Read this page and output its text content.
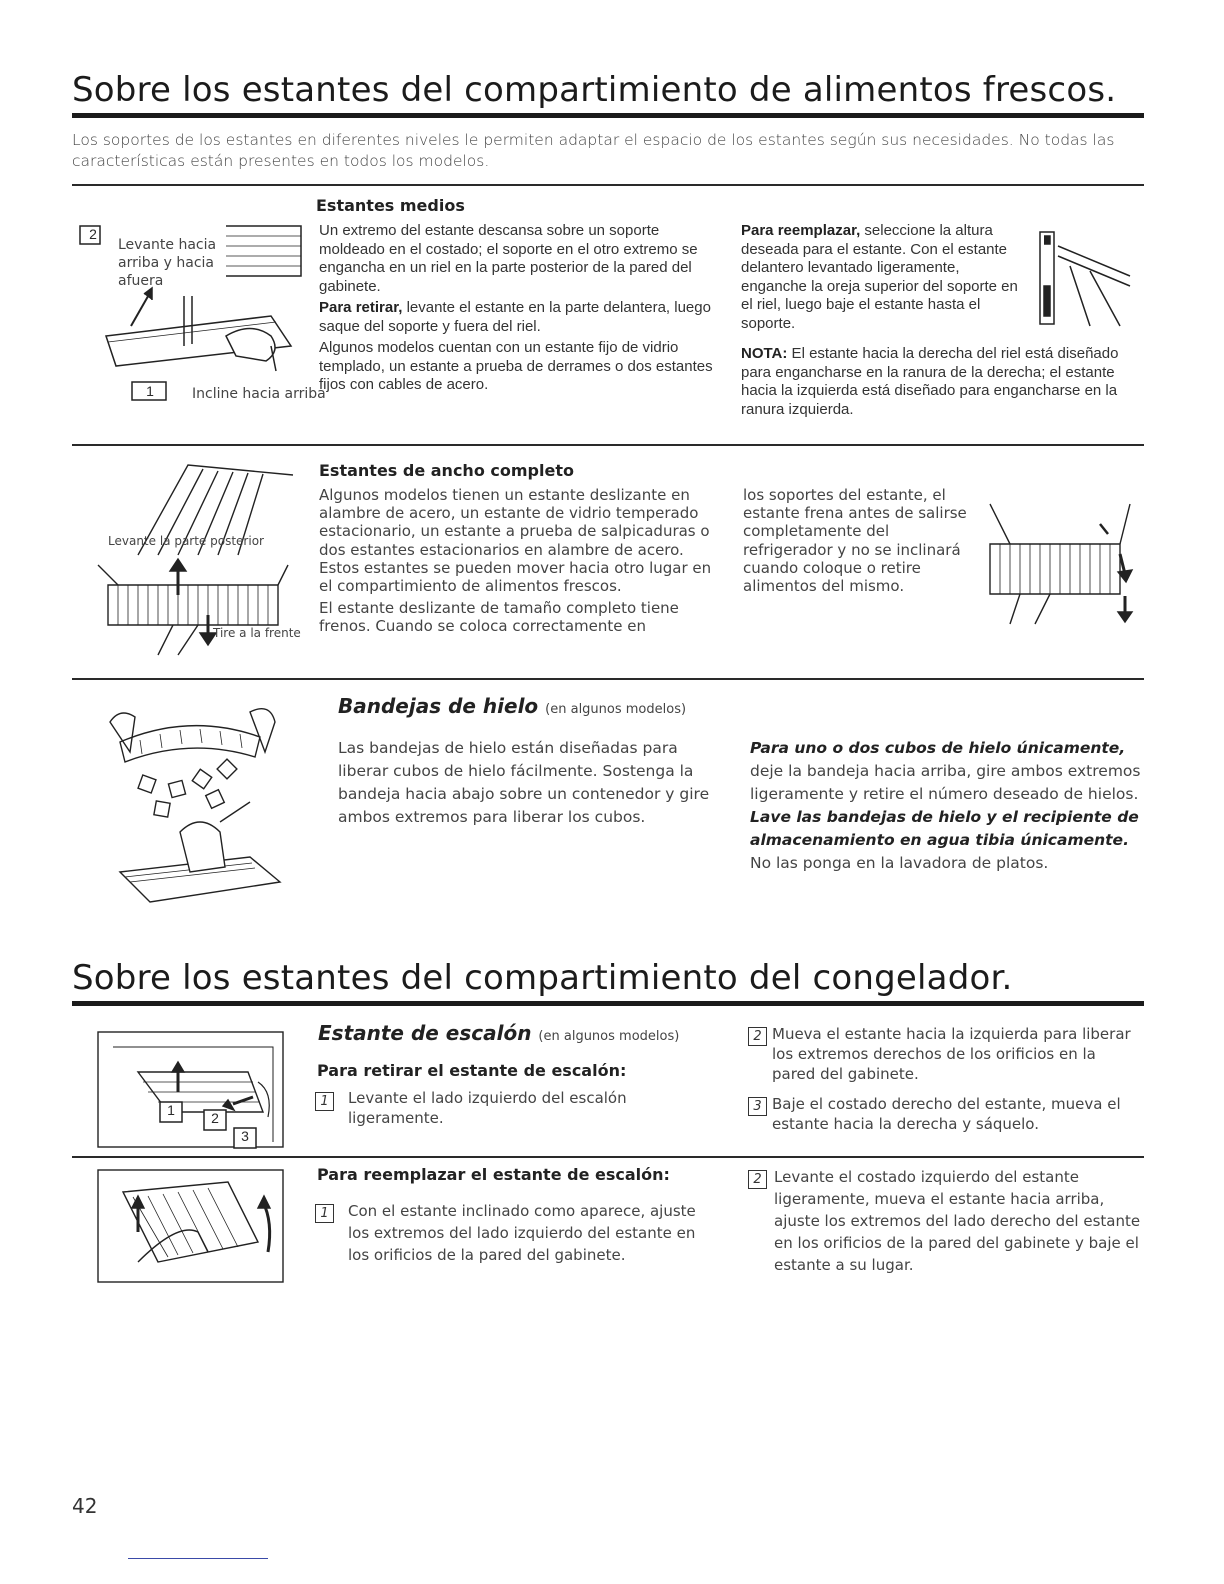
Sobre los estantes del compartimiento de alimentos frescos.

Los soportes de los estantes en diferentes niveles le permiten adaptar el espacio de los estantes según sus necesidades. No todas las características están presentes en todos los modelos.

2
Levante hacia arriba y hacia afuera
1	Incline hacia arriba
Estantes medios

Un extremo del estante descansa sobre un soporte moldeado en el costado; el soporte en el otro extremo se engancha en un riel en la parte posterior de la pared del gabinete.

Para retirar, levante el estante en la parte delantera, luego saque del soporte y fuera del riel.

Algunos modelos cuentan con un estante fijo de vidrio templado, un estante a prueba de derrames o dos estantes fijos con cables de acero.

Para reemplazar, seleccione la altura deseada para el estante. Con el estante delantero levantado ligeramente, enganche la oreja superior del soporte en el riel, luego baje el estante hasta el soporte.

NOTA: El estante hacia la derecha del riel está diseñado para engancharse en la ranura de la derecha; el estante hacia la izquierda está diseñado para engancharse en la ranura izquierda.

Levante la parte posterior
Tire a la frente
Estantes de ancho completo

Algunos modelos tienen un estante deslizante en alambre de acero, un estante de vidrio temperado estacionario, un estante a prueba de salpicaduras o dos estantes estacionarios en alambre de acero. Estos estantes se pueden mover hacia otro lugar en el compartimiento de alimentos frescos.

El estante deslizante de tamaño completo tiene frenos. Cuando se coloca correctamente en

los soportes del estante, el estante frena antes de salirse completamente del refrigerador y no se inclinará cuando coloque o retire alimentos del mismo.
Bandejas de hielo (en algunos modelos)
Las bandejas de hielo están diseñadas para liberar cubos de hielo fácilmente. Sostenga la bandeja hacia abajo sobre un contenedor y gire ambos extremos para liberar los cubos.
Para uno o dos cubos de hielo únicamente, deje la bandeja hacia arriba, gire ambos extremos ligeramente y retire el número deseado de hielos. Lave las bandejas de hielo y el recipiente de almacenamiento en agua tibia únicamente. No las ponga en la lavadora de platos.
Sobre los estantes del compartimiento del congelador.
1	2
3
Estante de escalón (en algunos modelos)
Para retirar el estante de escalón:
1	Levante el lado izquierdo del escalón ligeramente.
2 Mueva el estante hacia la izquierda para liberar los extremos derechos de los orificios en la pared del gabinete.
3 Baje el costado derecho del estante, mueva el estante hacia la derecha y sáquelo.
Para reemplazar el estante de escalón:
1	Con el estante inclinado como aparece, ajuste los extremos del lado izquierdo del estante en los orificios de la pared del gabinete.
2 Levante el costado izquierdo del estante ligeramente, mueva el estante hacia arriba, ajuste los extremos del lado derecho del estante en los orificios de la pared del gabinete y baje el estante a su lugar.
42
